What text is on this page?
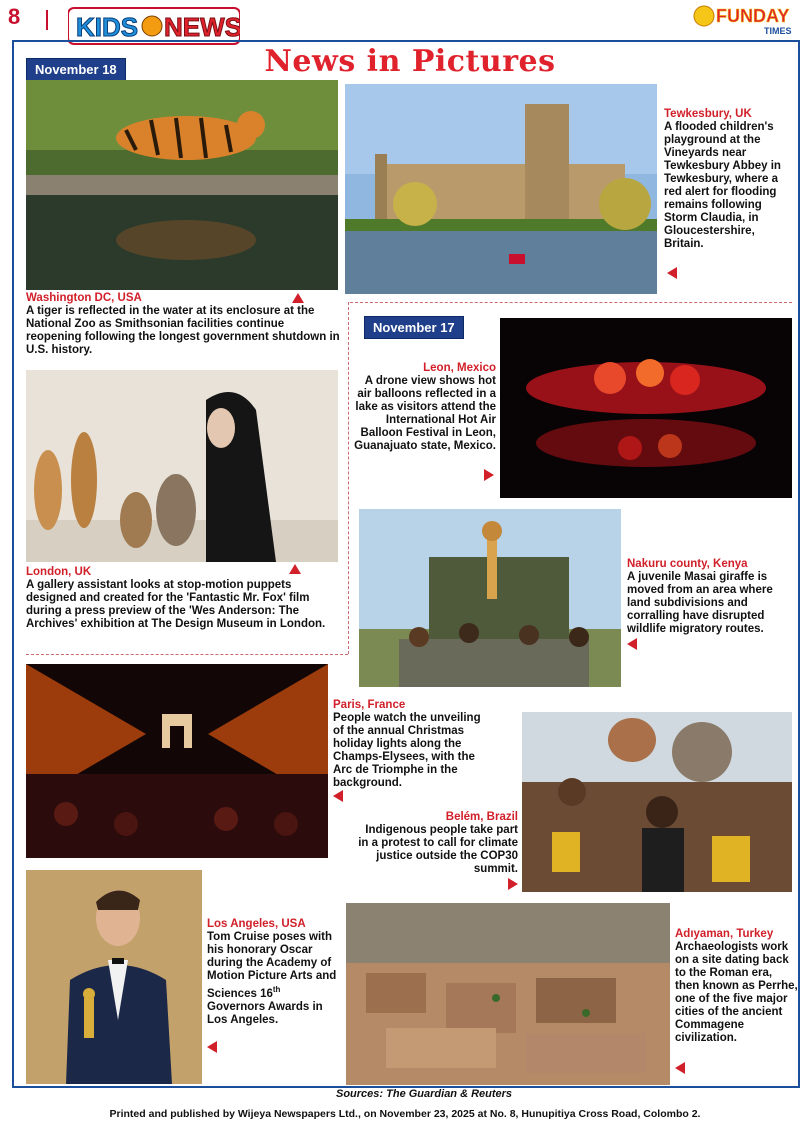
8 KIDS NEWS	FUNDAY
TIMES
November 18	News in Pictures
Washington DC, USA
A tiger is reflected in the water at its enclosure at the National Zoo as Smithsonian facilities continue reopening following the longest government shutdown in U.S. history.
Tewkesbury, UK
A flooded children's playground at the Vineyards near Tewkesbury Abbey in Tewkesbury, where a red alert for flooding remains following Storm Claudia, in Gloucestershire, Britain.
November 17
Leon, Mexico
A drone view shows hot air balloons reflected in a lake as visitors attend the International Hot Air Balloon Festival in Leon, Guanajuato state, Mexico.
London, UK
A gallery assistant looks at stop-motion puppets designed and created for the 'Fantastic Mr. Fox' film during a press preview of the 'Wes Anderson: The Archives' exhibition at The Design Museum in London.
Nakuru county, Kenya
A juvenile Masai giraffe is moved from an area where land subdivisions and corralling have disrupted wildlife migratory routes.
Paris, France
People watch the unveiling of the annual Christmas holiday lights along the Champs-Elysees, with the Arc de Triomphe in the background.
Belém, Brazil
Indigenous people take part in a protest to call for climate justice outside the COP30 summit.
Los Angeles, USA
Tom Cruise poses with his honorary Oscar during the Academy of Motion Picture Arts and Sciences 16th Governors Awards in Los Angeles.
Adıyaman, Turkey
Archaeologists work on a site dating back to the Roman era, then known as Perrhe, one of the five major cities of the ancient Commagene civilization.
Sources: The Guardian & Reuters
Printed and published by Wijeya Newspapers Ltd., on November 23, 2025 at No. 8, Hunupitiya Cross Road, Colombo 2.
